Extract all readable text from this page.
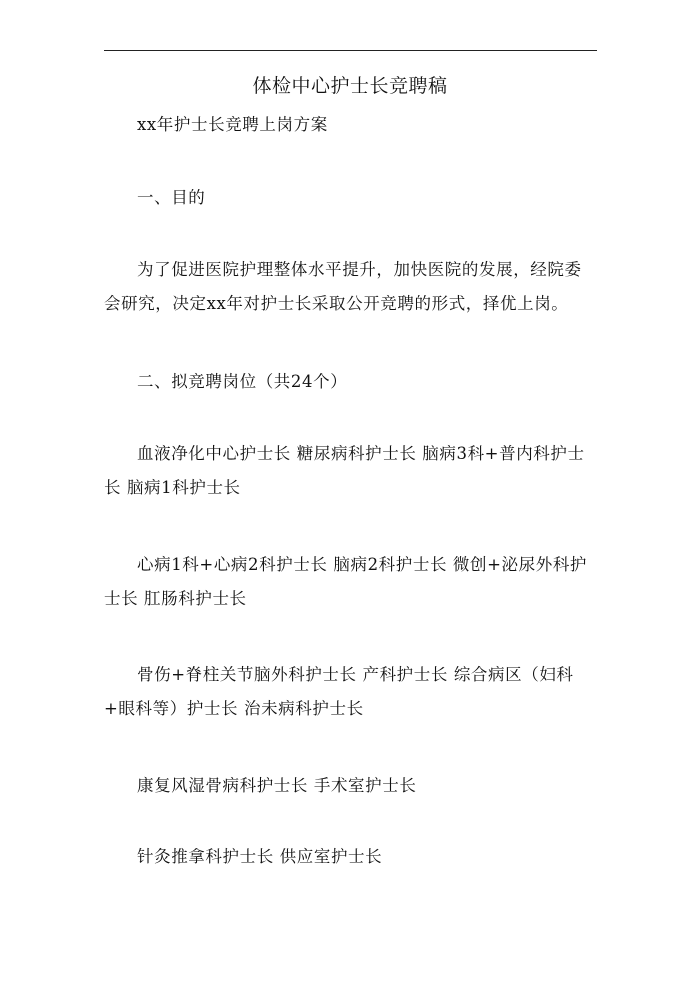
体检中心护士长竞聘稿
xx年护士长竞聘上岗方案
一、目的
为了促进医院护理整体水平提升，加快医院的发展，经院委会研究，决定xx年对护士长采取公开竞聘的形式，择优上岗。
二、拟竞聘岗位（共24个）
血液净化中心护士长 糖尿病科护士长 脑病3科+普内科护士长 脑病1科护士长
心病1科+心病2科护士长 脑病2科护士长 微创+泌尿外科护士长 肛肠科护士长
骨伤+脊柱关节脑外科护士长 产科护士长 综合病区（妇科+眼科等）护士长 治未病科护士长
康复风湿骨病科护士长 手术室护士长
针灸推拿科护士长 供应室护士长
